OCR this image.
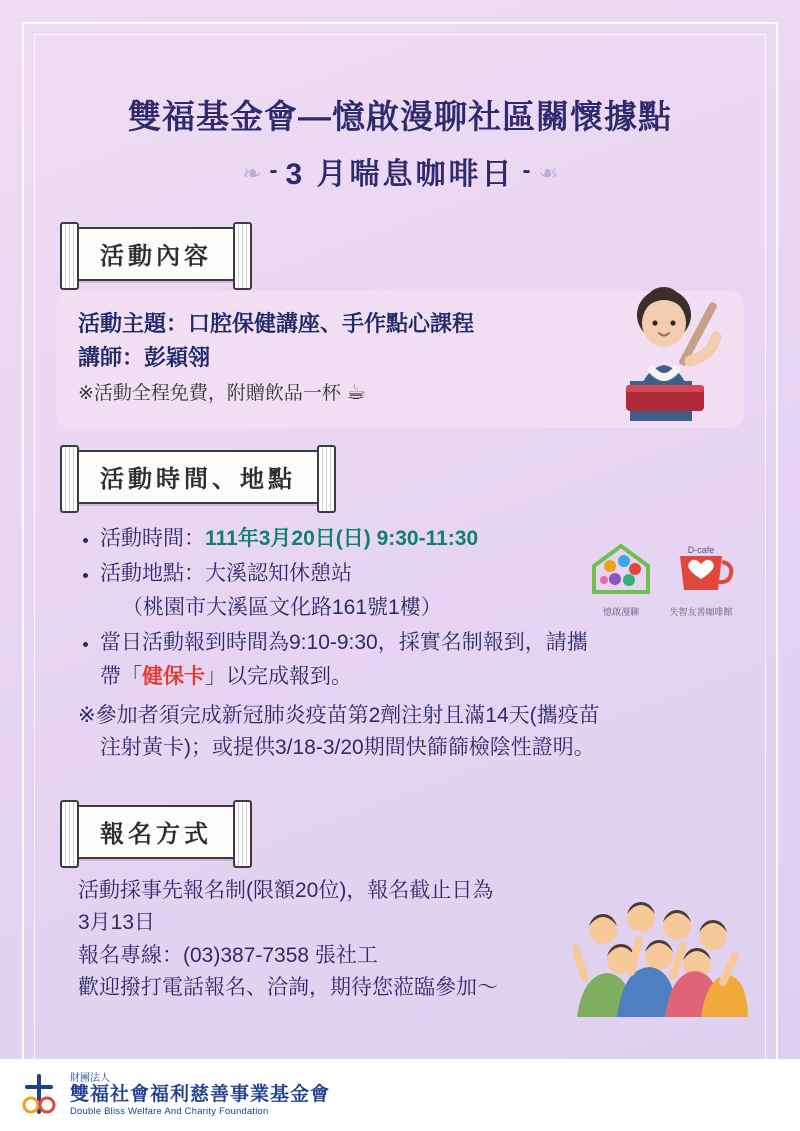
雙福基金會—憶啟漫聊社區關懷據點
❧ - 3 月喘息咖啡日 - ❧
活動內容
活動主題：口腔保健講座、手作點心課程
講師：彭穎翎
※活動全程免費，附贈飲品一杯 ☕
活動時間、地點
• 活動時間：111年3月20日(日) 9:30-11:30
• 活動地點：大溪認知休憩站
（桃園市大溪區文化路161號1樓）
• 當日活動報到時間為9:10-9:30，採實名制報到，請攜
帶「健保卡」以完成報到。
※參加者須完成新冠肺炎疫苗第2劑注射且滿14天(攜疫苗
注射黃卡)；或提供3/18-3/20期間快篩篩檢陰性證明。
憶啟漫聊
D-cafe
失智友善咖啡館
報名方式
活動採事先報名制(限額20位)，報名截止日為
3月13日
報名專線：(03)387-7358 張社工
歡迎撥打電話報名、洽詢，期待您蒞臨參加～
財團法人
雙福社會福利慈善事業基金會
Double Bliss Welfare And Charity Foundation
